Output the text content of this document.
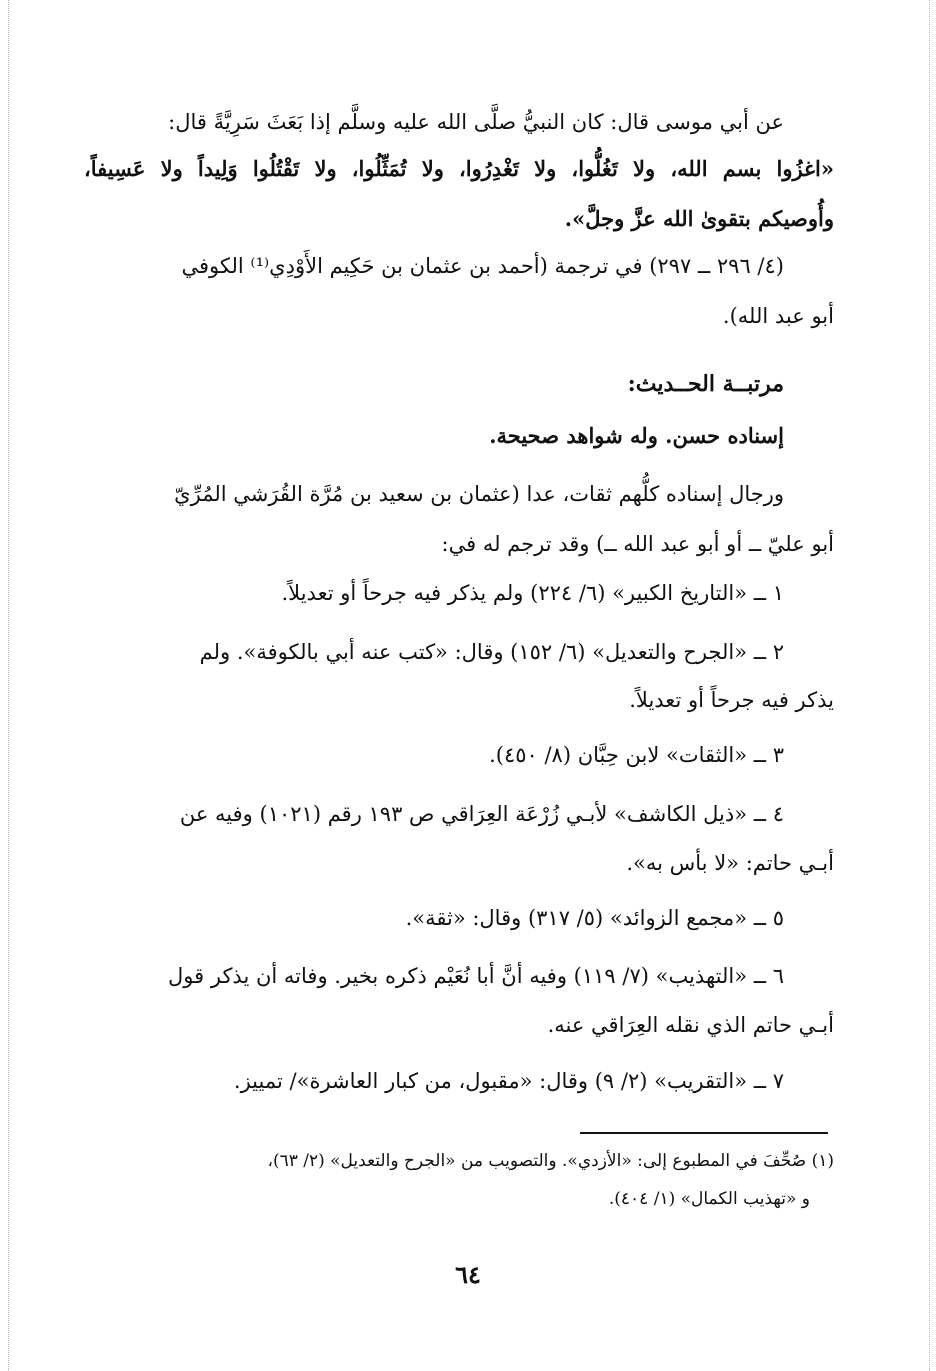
عن أبي موسى قال: كان النبيُّ صلَّى الله عليه وسلَّم إذا بَعَثَ سَرِيَّةً قال:
«اغزُوا بسم الله، ولا تَغُلُّوا، ولا تَغْدِرُوا، ولا تُمَثِّلُوا، ولا تَقْتُلُوا وَلِيداً ولا عَسِيفاً،
وأُوصيكم بتقوىٰ الله عزَّ وجلَّ».
(٤/ ٢٩٦ ــ ٢٩٧) في ترجمة (أحمد بن عثمان بن حَكِيم الأَوْدِي⁽¹⁾ الكوفي
أبو عبد الله).
مرتبــة الحــديث:
إسناده حسن. وله شواهد صحيحة.
ورجال إسناده كلُّهم ثقات، عدا (عثمان بن سعيد بن مُرَّة القُرَشي المُرِّيّ
أبو عليّ ــ أو أبو عبد الله ــ) وقد ترجم له في:
١ ــ «التاريخ الكبير» (٦/ ٢٢٤) ولم يذكر فيه جرحاً أو تعديلاً.
٢ ــ «الجرح والتعديل» (٦/ ١٥٢) وقال: «كتب عنه أبي بالكوفة». ولم
يذكر فيه جرحاً أو تعديلاً.
٣ ــ «الثقات» لابن حِبَّان (٨/ ٤٥٠).
٤ ــ «ذيل الكاشف» لأبـي زُرْعَة العِرَاقي ص ١٩٣ رقم (١٠٢١) وفيه عن
أبـي حاتم: «لا بأس به».
٥ ــ «مجمع الزوائد» (٥/ ٣١٧) وقال: «ثقة».
٦ ــ «التهذيب» (٧/ ١١٩) وفيه أنَّ أبا نُعَيْم ذكره بخير. وفاته أن يذكر قول
أبـي حاتم الذي نقله العِرَاقي عنه.
٧ ــ «التقريب» (٢/ ٩) وقال: «مقبول، من كبار العاشرة»/ تمييز.
(١) صُحِّفَ في المطبوع إلى: «الأزدي». والتصويب من «الجرح والتعديل» (٢/ ٦٣)،
و «تهذيب الكمال» (١/ ٤٠٤).
٦٤
